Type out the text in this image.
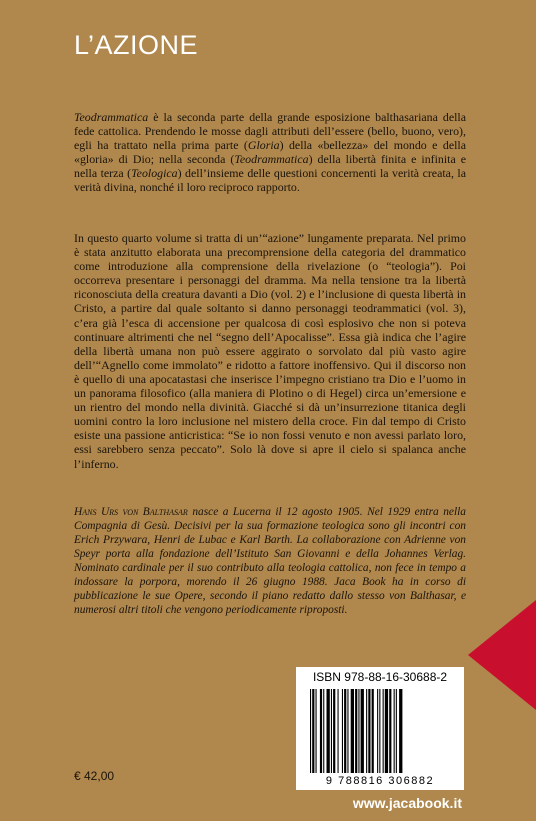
L’AZIONE

Teodrammatica è la seconda parte della grande esposizione balthasariana della fede cattolica. Prendendo le mosse dagli attributi dell’essere (bello, buono, vero), egli ha trattato nella prima parte (Gloria) della «bellezza» del mondo e della «gloria» di Dio; nella seconda (Teodrammatica) della libertà finita e infinita e nella terza (Teologica) dell’insieme delle questioni concernenti la verità creata, la verità divina, nonché il loro reciproco rapporto.

In questo quarto volume si tratta di un’“azione” lungamente preparata. Nel primo è stata anzitutto elaborata una precomprensione della categoria del drammatico come introduzione alla comprensione della rivelazione (o “teologia”). Poi occorreva presentare i personaggi del dramma. Ma nella tensione tra la libertà riconosciuta della creatura davanti a Dio (vol. 2) e l’inclusione di questa libertà in Cristo, a partire dal quale soltanto si danno personaggi teodrammatici (vol. 3), c’era già l’esca di accensione per qualcosa di così esplosivo che non si poteva continuare altrimenti che nel “segno dell’Apocalisse”. Essa già indica che l’agire della libertà umana non può essere aggirato o sorvolato dal più vasto agire dell’“Agnello come immolato” e ridotto a fattore inoffensivo. Qui il discorso non è quello di una apocatastasi che inserisce l’impegno cristiano tra Dio e l’uomo in un panorama filosofico (alla maniera di Plotino o di Hegel) circa un’emersione e un rientro del mondo nella divinità. Giacché si dà un’insurrezione titanica degli uomini contro la loro inclusione nel mistero della croce. Fin dal tempo di Cristo esiste una passione anticristica: “Se io non fossi venuto e non avessi parlato loro, essi sarebbero senza peccato”. Solo là dove si apre il cielo si spalanca anche l’inferno.

Hans Urs von Balthasar nasce a Lucerna il 12 agosto 1905. Nel 1929 entra nella Compagnia di Gesù. Decisivi per la sua formazione teologica sono gli incontri con Erich Przywara, Henri de Lubac e Karl Barth. La collaborazione con Adrienne von Speyr porta alla fondazione dell’Istituto San Giovanni e della Johannes Verlag. Nominato cardinale per il suo contributo alla teologia cattolica, non fece in tempo a indossare la porpora, morendo il 26 giugno 1988. Jaca Book ha in corso di pubblicazione le sue Opere, secondo il piano redatto dallo stesso von Balthasar, e numerosi altri titoli che vengono periodicamente riproposti.

ISBN 978-88-16-30688-2
9 788816 306882
€ 42,00
www.jacabook.it
